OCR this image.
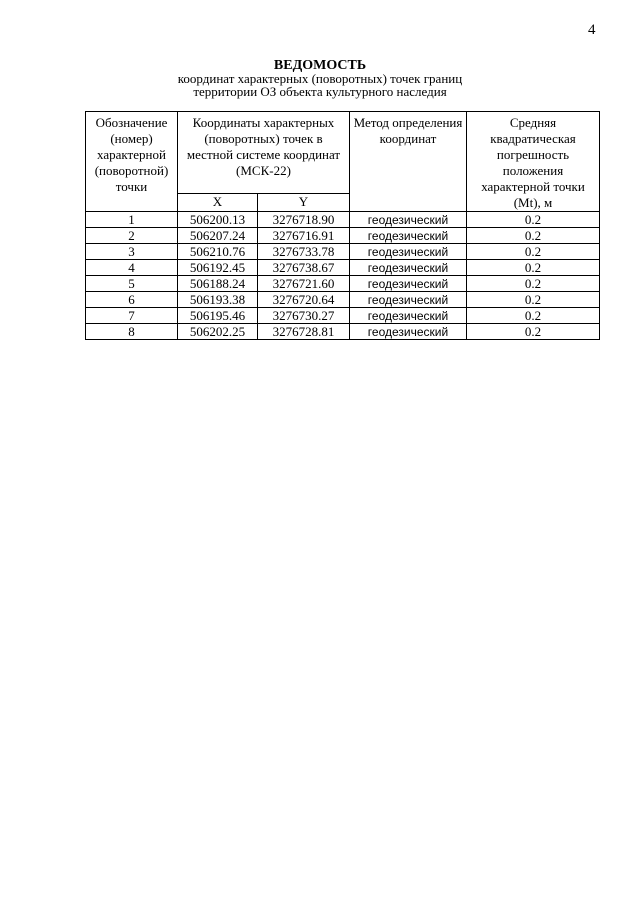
4
ВЕДОМОСТЬ
координат характерных (поворотных) точек границ
территории ОЗ объекта культурного наследия
Обозначение (номер) характерной (поворотной) точки	Координаты характерных (поворотных) точек в местной системе координат (МСК-22)		Метод определения координат	Средняя квадратическая погрешность положения характерной точки (Mt), м
	X	Y		
1	506200.13	3276718.90	геодезический	0.2
2	506207.24	3276716.91	геодезический	0.2
3	506210.76	3276733.78	геодезический	0.2
4	506192.45	3276738.67	геодезический	0.2
5	506188.24	3276721.60	геодезический	0.2
6	506193.38	3276720.64	геодезический	0.2
7	506195.46	3276730.27	геодезический	0.2
8	506202.25	3276728.81	геодезический	0.2
